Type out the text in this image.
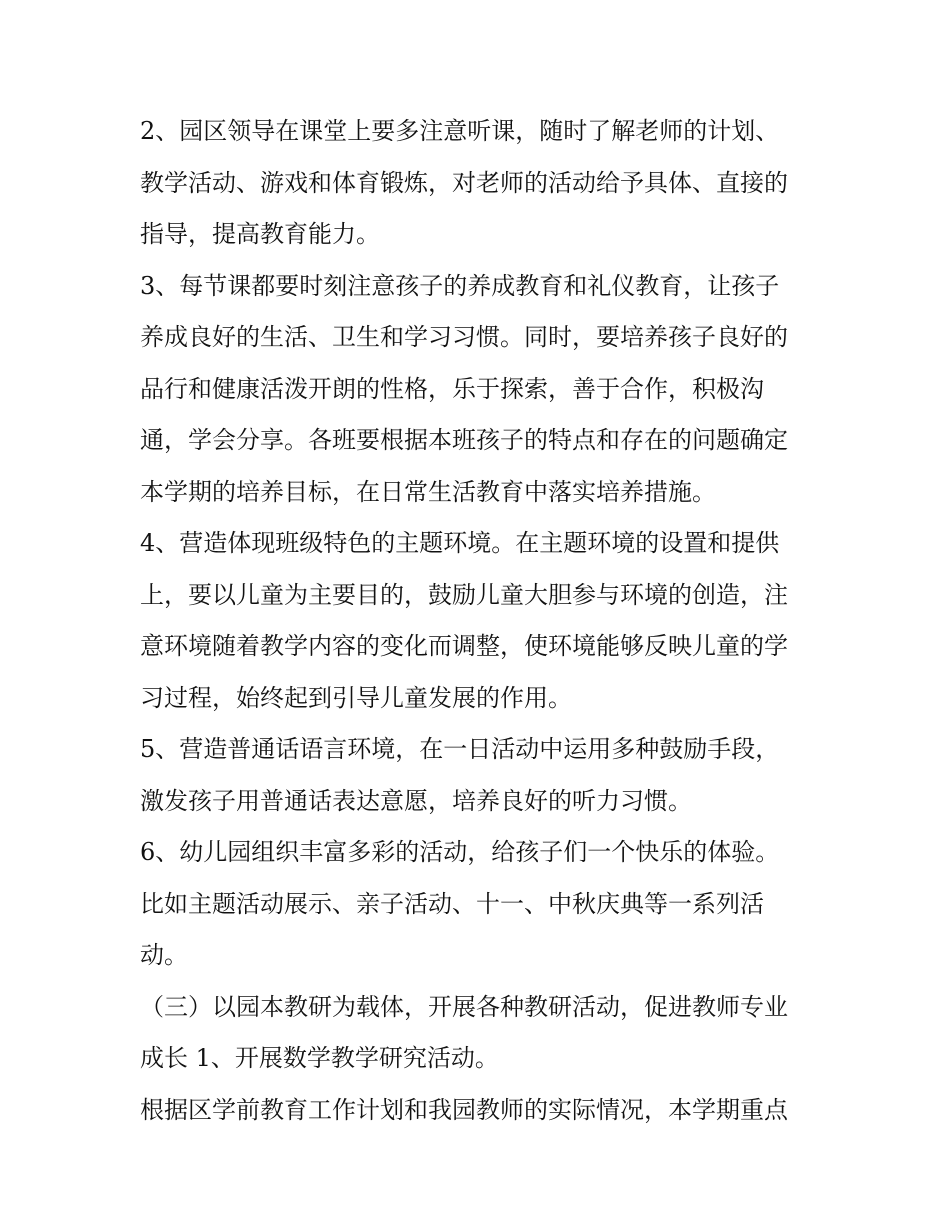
2、园区领导在课堂上要多注意听课，随时了解老师的计划、
教学活动、游戏和体育锻炼，对老师的活动给予具体、直接的
指导，提高教育能力。
3、每节课都要时刻注意孩子的养成教育和礼仪教育，让孩子
养成良好的生活、卫生和学习习惯。同时，要培养孩子良好的
品行和健康活泼开朗的性格，乐于探索，善于合作，积极沟
通，学会分享。各班要根据本班孩子的特点和存在的问题确定
本学期的培养目标，在日常生活教育中落实培养措施。
4、营造体现班级特色的主题环境。在主题环境的设置和提供
上，要以儿童为主要目的，鼓励儿童大胆参与环境的创造，注
意环境随着教学内容的变化而调整，使环境能够反映儿童的学
习过程，始终起到引导儿童发展的作用。
5、营造普通话语言环境，在一日活动中运用多种鼓励手段，
激发孩子用普通话表达意愿，培养良好的听力习惯。
6、幼儿园组织丰富多彩的活动，给孩子们一个快乐的体验。
比如主题活动展示、亲子活动、十一、中秋庆典等一系列活
动。
（三）以园本教研为载体，开展各种教研活动，促进教师专业
成长 1、开展数学教学研究活动。
根据区学前教育工作计划和我园教师的实际情况，本学期重点
